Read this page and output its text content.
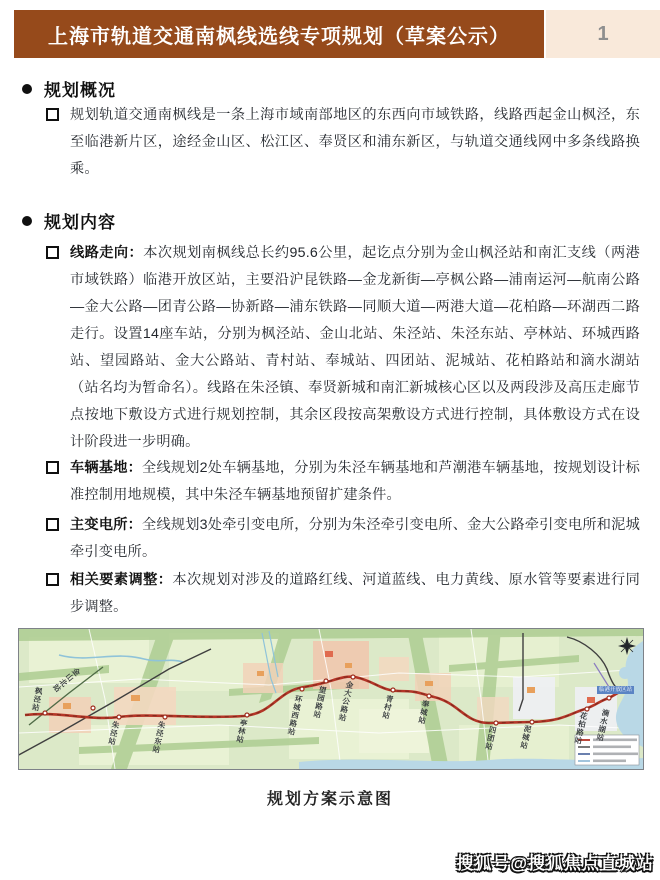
上海市轨道交通南枫线选线专项规划（草案公示）	1
规划概况
规划轨道交通南枫线是一条上海市域南部地区的东西向市域铁路，线路西起金山枫泾，东至临港新片区，途经金山区、松江区、奉贤区和浦东新区，与轨道交通线网中多条线路换乘。
规划内容
线路走向：本次规划南枫线总长约95.6公里，起讫点分别为金山枫泾站和南汇支线（两港市域铁路）临港开放区站，主要沿沪昆铁路—金龙新街—亭枫公路—浦南运河—航南公路—金大公路—团青公路—协新路—浦东铁路—同顺大道—两港大道—花柏路—环湖西二路走行。设置14座车站，分别为枫泾站、金山北站、朱泾站、朱泾东站、亭林站、环城西路站、望园路站、金大公路站、青村站、奉城站、四团站、泥城站、花柏路站和滴水湖站（站名均为暂命名）。线路在朱泾镇、奉贤新城和南汇新城核心区以及两段涉及高压走廊节点按地下敷设方式进行规划控制，其余区段按高架敷设方式进行控制，具体敷设方式在设计阶段进一步明确。
车辆基地：全线规划2处车辆基地，分别为朱泾车辆基地和芦潮港车辆基地，按规划设计标准控制用地规模，其中朱泾车辆基地预留扩建条件。
主变电所：全线规划3处牵引变电所，分别为朱泾牵引变电所、金大公路牵引变电所和泥城牵引变电所。
相关要素调整：本次规划对涉及的道路红线、河道蓝线、电力黄线、原水管等要素进行同步调整。
枫泾站
金山北站
朱泾站	朱泾东站	亭林站	环城西路站 望园路站 金大公路站	青村站	奉城站
四团站	泥城站	花柏路站 滴水湖站
临港开放区站
规划方案示意图
搜狐号@搜狐焦点直城站
